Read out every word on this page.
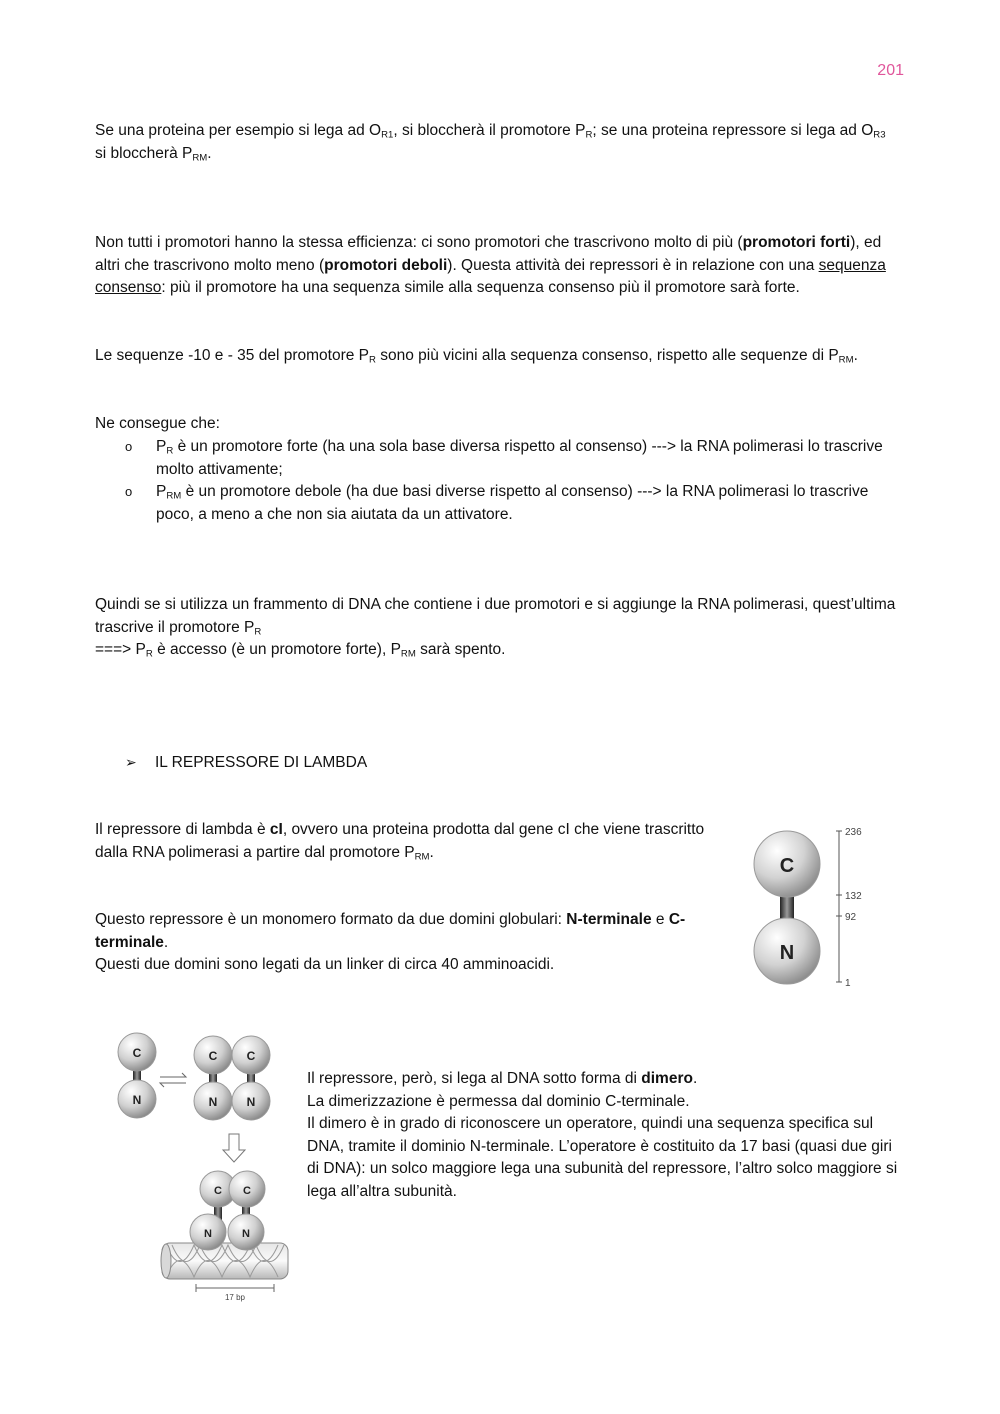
201

Se una proteina per esempio si lega ad $O_{R1}$, si bloccherà il promotore $P_R$; se una proteina repressore si lega ad $O_{R3}$ si bloccherà $P_{RM}$.

Non tutti i promotori hanno la stessa efficienza: ci sono promotori che trascrivono molto di più (promotori forti), ed altri che trascrivono molto meno (promotori deboli). Questa attività dei repressori è in relazione con una sequenza consenso: più il promotore ha una sequenza simile alla sequenza consenso più il promotore sarà forte.

Le sequenze -10 e - 35 del promotore $P_R$ sono più vicini alla sequenza consenso, rispetto alle sequenze di $P_{RM}$.

Ne consegue che:

o $P_R$ è un promotore forte (ha una sola base diversa rispetto al consenso) ---> la RNA polimerasi lo trascrive molto attivamente;
o $P_{RM}$ è un promotore debole (ha due basi diverse rispetto al consenso) ---> la RNA polimerasi lo trascrive poco, a meno a che non sia aiutata da un attivatore.

Quindi se si utilizza un frammento di DNA che contiene i due promotori e si aggiunge la RNA polimerasi, quest’ultima trascrive il promotore $P_R$
===> $P_R$ è accesso (è un promotore forte), $P_{RM}$ sarà spento.

➢ IL REPRESSORE DI LAMBDA

Il repressore di lambda è cI, ovvero una proteina prodotta dal gene cI che viene trascritto dalla RNA polimerasi a partire dal promotore $P_{RM}$.

Questo repressore è un monomero formato da due domini globulari: N-terminale e C-terminale.
Questi due domini sono legati da un linker di circa 40 amminoacidi.

Il repressore, però, si lega al DNA sotto forma di dimero.
La dimerizzazione è permessa dal dominio C-terminale.
Il dimero è in grado di riconoscere un operatore, quindi una sequenza specifica sul DNA, tramite il dominio N-terminale. L’operatore è costituito da 17 basi (quasi due giri di DNA): un solco maggiore lega una subunità del repressore, l’altro solco maggiore si lega all’altra subunità.

C
N
236
132
92
1
C
N
C C
N N
C C
N	N
17 bp
